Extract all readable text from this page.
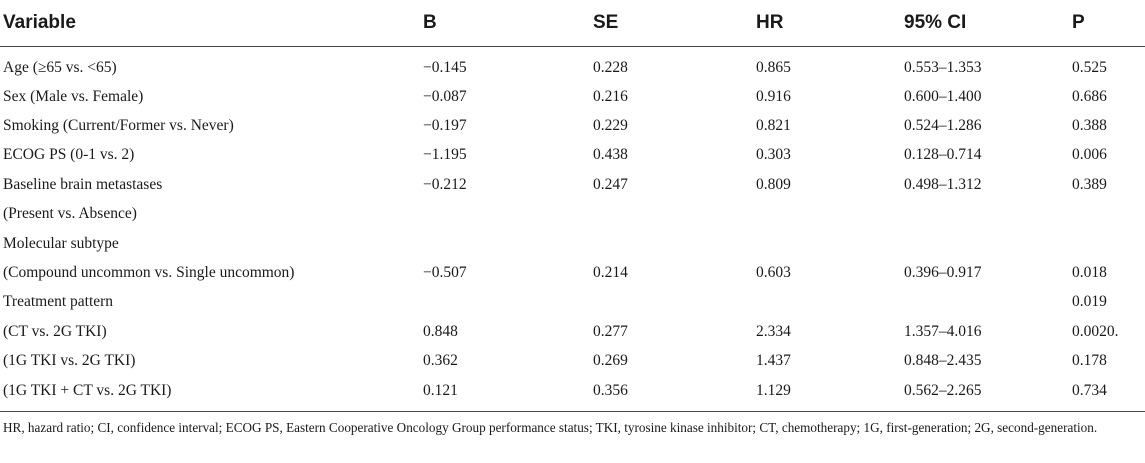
Variable	B	SE	HR	95% CI	P
Age (≥65 vs. <65)	−0.145	0.228	0.865	0.553–1.353	0.525
Sex (Male vs. Female)	−0.087	0.216	0.916	0.600–1.400	0.686
Smoking (Current/Former vs. Never)	−0.197	0.229	0.821	0.524–1.286	0.388
ECOG PS (0-1 vs. 2)	−1.195	0.438	0.303	0.128–0.714	0.006
Baseline brain metastases	−0.212	0.247	0.809	0.498–1.312	0.389
(Present vs. Absence)					
Molecular subtype					
(Compound uncommon vs. Single uncommon)	−0.507	0.214	0.603	0.396–0.917	0.018
Treatment pattern					0.019
(CT vs. 2G TKI)	0.848	0.277	2.334	1.357–4.016	0.0020.
(1G TKI vs. 2G TKI)	0.362	0.269	1.437	0.848–2.435	0.178
(1G TKI + CT vs. 2G TKI)	0.121	0.356	1.129	0.562–2.265	0.734
HR, hazard ratio; CI, confidence interval; ECOG PS, Eastern Cooperative Oncology Group performance status; TKI, tyrosine kinase inhibitor; CT, chemotherapy; 1G, first-generation; 2G, second-generation.
